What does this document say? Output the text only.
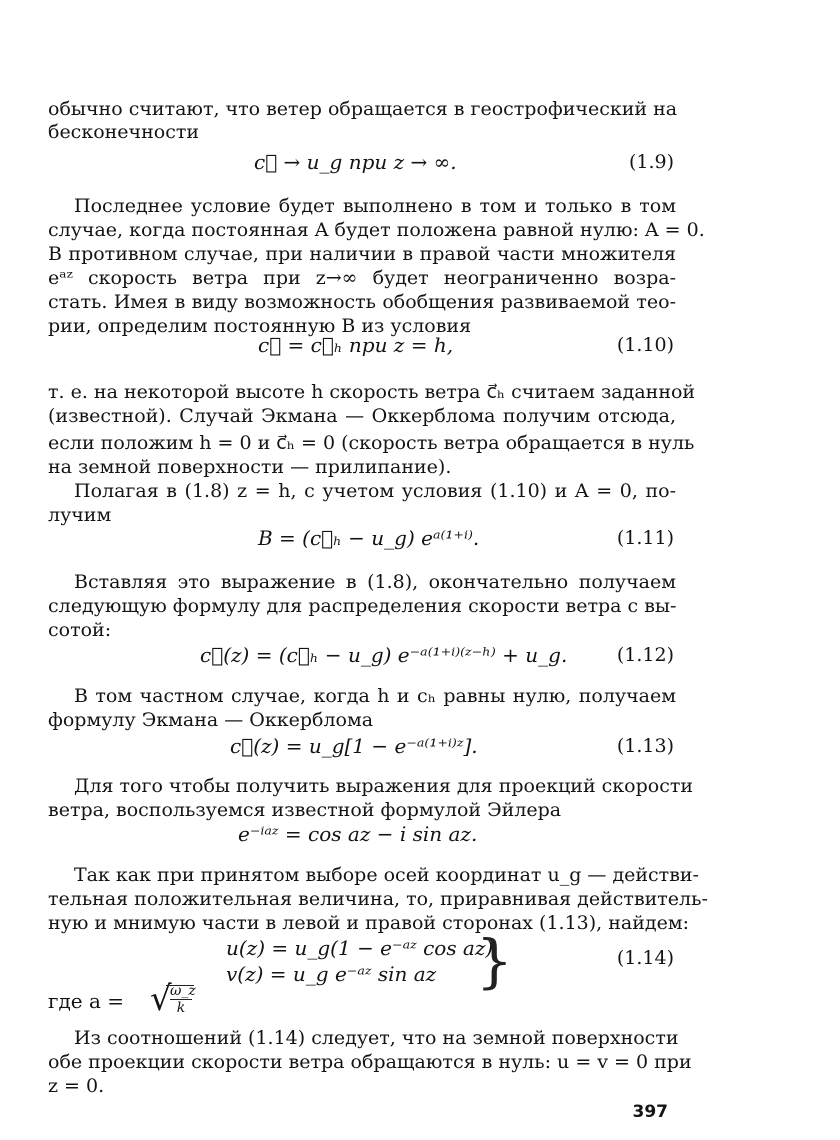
обычно считают, что ветер обращается в геострофический на
бесконечности
c⃗ → u_g при z → ∞.	(1.9)
Последнее условие будет выполнено в том и только в том
случае, когда постоянная A будет положена равной нулю: A = 0.
В противном случае, при наличии в правой части множителя
eᵃᶻ скорость ветра при z→∞ будет неограниченно возра-
стать. Имея в виду возможность обобщения развиваемой тео-
рии, определим постоянную B из условия
c⃗ = c⃗ₕ при z = h,	(1.10)
т. е. на некоторой высоте h скорость ветра c⃗ₕ считаем заданной
(известной). Случай Экмана — Оккерблома получим отсюда,
если положим h = 0 и c⃗ₕ = 0 (скорость ветра обращается в нуль
на земной поверхности — прилипание).
Полагая в (1.8) z = h, с учетом условия (1.10) и A = 0, по-
лучим
B = (c⃗ₕ − u_g) eᵃ⁽¹⁺ⁱ⁾.	(1.11)
Вставляя это выражение в (1.8), окончательно получаем
следующую формулу для распределения скорости ветра с вы-
сотой:
c⃗(z) = (c⃗ₕ − u_g) e⁻ᵃ⁽¹⁺ⁱ⁾⁽ᶻ⁻ʰ⁾ + u_g.	(1.12)
В том частном случае, когда h и cₕ равны нулю, получаем
формулу Экмана — Оккерблома
c⃗(z) = u_g[1 − e⁻ᵃ⁽¹⁺ⁱ⁾ᶻ].	(1.13)
Для того чтобы получить выражения для проекций скорости
ветра, воспользуемся известной формулой Эйлера
e⁻ⁱᵃᶻ = cos az − i sin az.
Так как при принятом выборе осей координат u_g — действи-
тельная положительная величина, то, приравнивая действитель-
ную и мнимую части в левой и правой сторонах (1.13), найдем:
u(z) = u_g(1 − e⁻ᵃᶻ cos az)
v(z) = u_g e⁻ᵃᶻ sin az }	(1.14)
где a = √
ω_z
k
Из соотношений (1.14) следует, что на земной поверхности
обе проекции скорости ветра обращаются в нуль: u = v = 0 при
z = 0.
397
